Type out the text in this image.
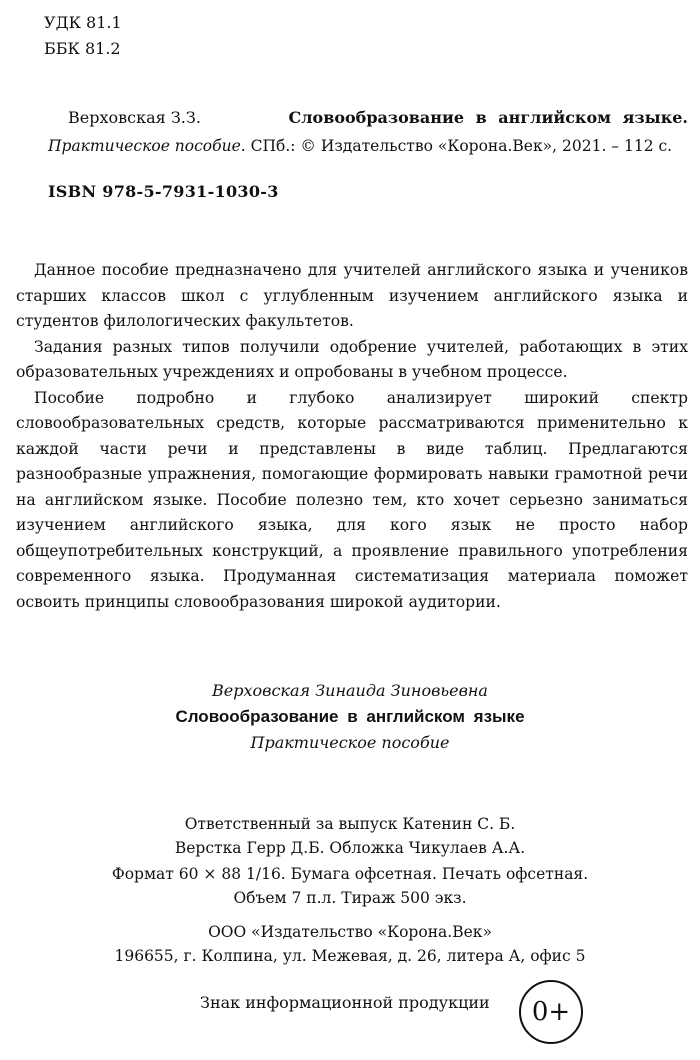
УДК 81.1
ББК 81.2
Верховская З.З.	Словообразование в английском языке.
Практическое пособие. СПб.: © Издательство «Корона.Век», 2021. – 112 с.
ISBN 978-5-7931-1030-3

Данное пособие предназначено для учителей английского языка и учеников старших классов школ с углубленным изучением английского языка и студентов филологических факультетов.

Задания разных типов получили одобрение учителей, работающих в этих образовательных учреждениях и опробованы в учебном процессе.

Пособие подробно и глубоко анализирует широкий спектр словообразовательных средств, которые рассматриваются применительно к каждой части речи и представлены в виде таблиц. Предлагаются разнообразные упражнения, помогающие формировать навыки грамотной речи на английском языке. Пособие полезно тем, кто хочет серьезно заниматься изучением английского языка, для кого язык не просто набор общеупотребительных конструкций, а проявление правильного употребления современного языка. Продуманная систематизация материала поможет освоить принципы словообразования широкой аудитории.

Верховская Зинаида Зиновьевна
Словообразование в английском языке
Практическое пособие
Ответственный за выпуск Катенин С. Б.
Верстка Герр Д.Б. Обложка Чикулаев А.А.
Формат 60 × 88 1/16. Бумага офсетная. Печать офсетная.
Объем 7 п.л. Тираж 500 экз.
ООО «Издательство «Корона.Век»
196655, г. Колпина, ул. Межевая, д. 26, литера А, офис 5
Знак информационной продукции 0+
